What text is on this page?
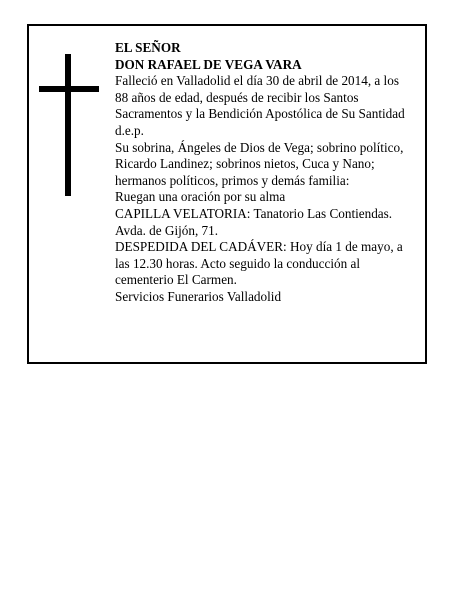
EL SEÑOR
DON RAFAEL DE VEGA VARA
Falleció en Valladolid el día 30 de abril de 2014, a los
88 años de edad, después de recibir los Santos
Sacramentos y la Bendición Apostólica de Su Santidad
d.e.p.
Su sobrina, Ángeles de Dios de Vega; sobrino político,
Ricardo Landinez; sobrinos nietos, Cuca y Nano;
hermanos políticos, primos y demás familia:
Ruegan una oración por su alma
CAPILLA VELATORIA: Tanatorio Las Contiendas.
Avda. de Gijón, 71.
DESPEDIDA DEL CADÁVER: Hoy día 1 de mayo, a
las 12.30 horas. Acto seguido la conducción al
cementerio El Carmen.
Servicios Funerarios Valladolid
